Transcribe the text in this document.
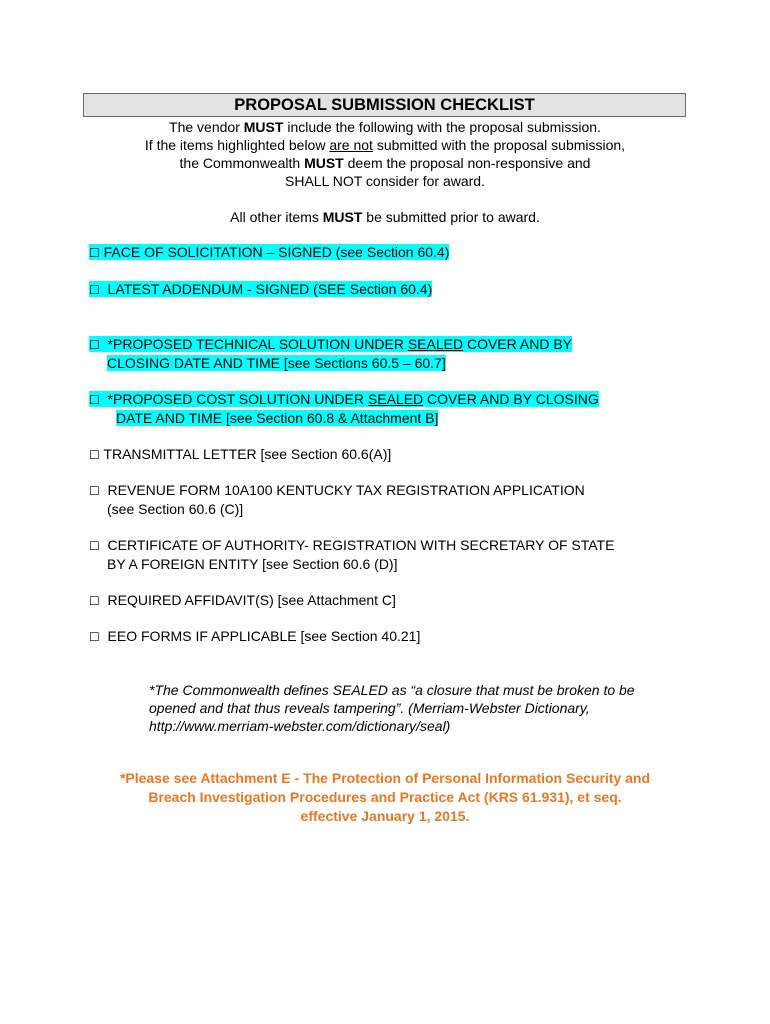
PROPOSAL SUBMISSION CHECKLIST
The vendor MUST include the following with the proposal submission.
If the items highlighted below are not submitted with the proposal submission,
the Commonwealth MUST deem the proposal non-responsive and
SHALL NOT consider for award.
All other items MUST be submitted prior to award.
☐ FACE OF SOLICITATION – SIGNED (see Section 60.4)
☐ LATEST ADDENDUM - SIGNED (SEE Section 60.4)
☐ *PROPOSED TECHNICAL SOLUTION UNDER SEALED COVER AND BY
CLOSING DATE AND TIME [see Sections 60.5 – 60.7]
☐ *PROPOSED COST SOLUTION UNDER SEALED COVER AND BY CLOSING
DATE AND TIME [see Section 60.8 & Attachment B]
☐ TRANSMITTAL LETTER [see Section 60.6(A)]
☐ REVENUE FORM 10A100 KENTUCKY TAX REGISTRATION APPLICATION
(see Section 60.6 (C)]
☐ CERTIFICATE OF AUTHORITY- REGISTRATION WITH SECRETARY OF STATE
BY A FOREIGN ENTITY [see Section 60.6 (D)]
☐ REQUIRED AFFIDAVIT(S) [see Attachment C]
☐ EEO FORMS IF APPLICABLE [see Section 40.21]
*The Commonwealth defines SEALED as “a closure that must be broken to be
opened and that thus reveals tampering”. (Merriam-Webster Dictionary,
http://www.merriam-webster.com/dictionary/seal)
*Please see Attachment E - The Protection of Personal Information Security and
Breach Investigation Procedures and Practice Act (KRS 61.931), et seq.
effective January 1, 2015.
